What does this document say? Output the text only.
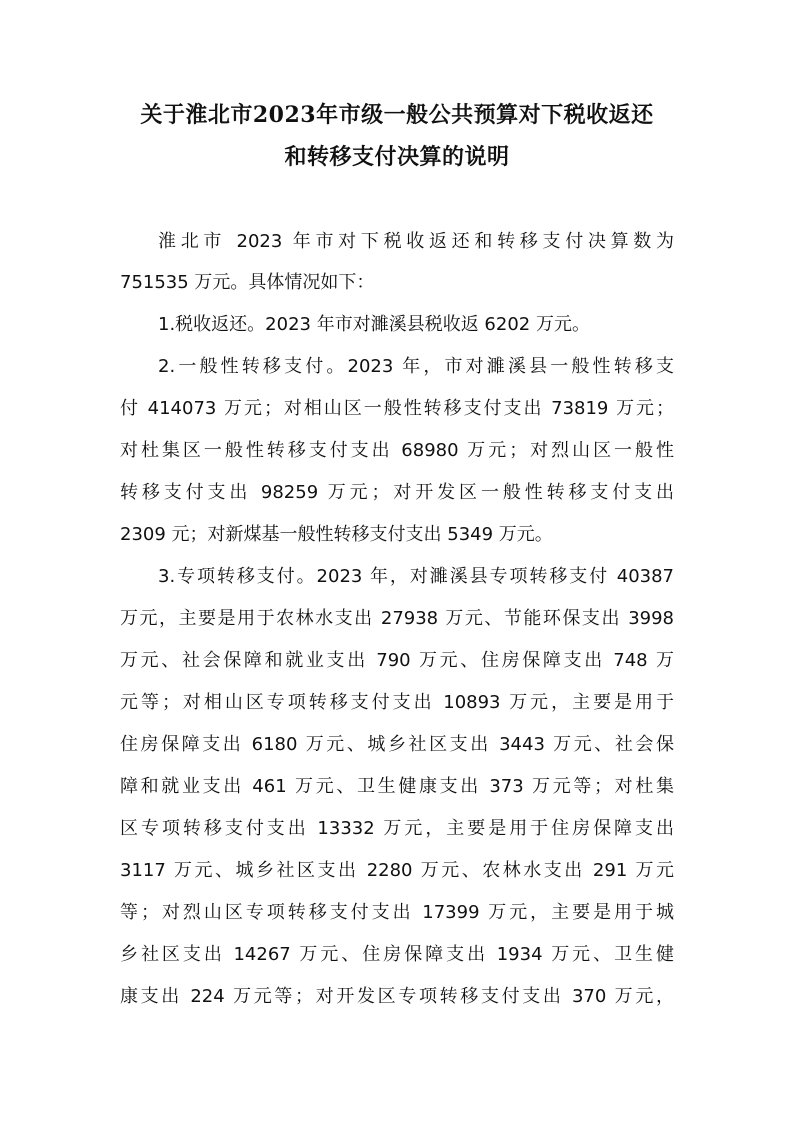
关于淮北市2023年市级一般公共预算对下税收返还
和转移支付决算的说明
淮北市 2023 年市对下税收返还和转移支付决算数为
751535 万元。具体情况如下：
1.税收返还。2023 年市对濉溪县税收返 6202 万元。
2.一般性转移支付。2023 年，市对濉溪县一般性转移支
付 414073 万元；对相山区一般性转移支付支出 73819 万元；
对杜集区一般性转移支付支出 68980 万元；对烈山区一般性
转移支付支出 98259 万元；对开发区一般性转移支付支出
2309 元；对新煤基一般性转移支付支出 5349 万元。
3.专项转移支付。2023 年，对濉溪县专项转移支付 40387
万元，主要是用于农林水支出 27938 万元、节能环保支出 3998
万元、社会保障和就业支出 790 万元、住房保障支出 748 万
元等；对相山区专项转移支付支出 10893 万元，主要是用于
住房保障支出 6180 万元、城乡社区支出 3443 万元、社会保
障和就业支出 461 万元、卫生健康支出 373 万元等；对杜集
区专项转移支付支出 13332 万元，主要是用于住房保障支出
3117 万元、城乡社区支出 2280 万元、农林水支出 291 万元
等；对烈山区专项转移支付支出 17399 万元，主要是用于城
乡社区支出 14267 万元、住房保障支出 1934 万元、卫生健
康支出 224 万元等；对开发区专项转移支付支出 370 万元，
